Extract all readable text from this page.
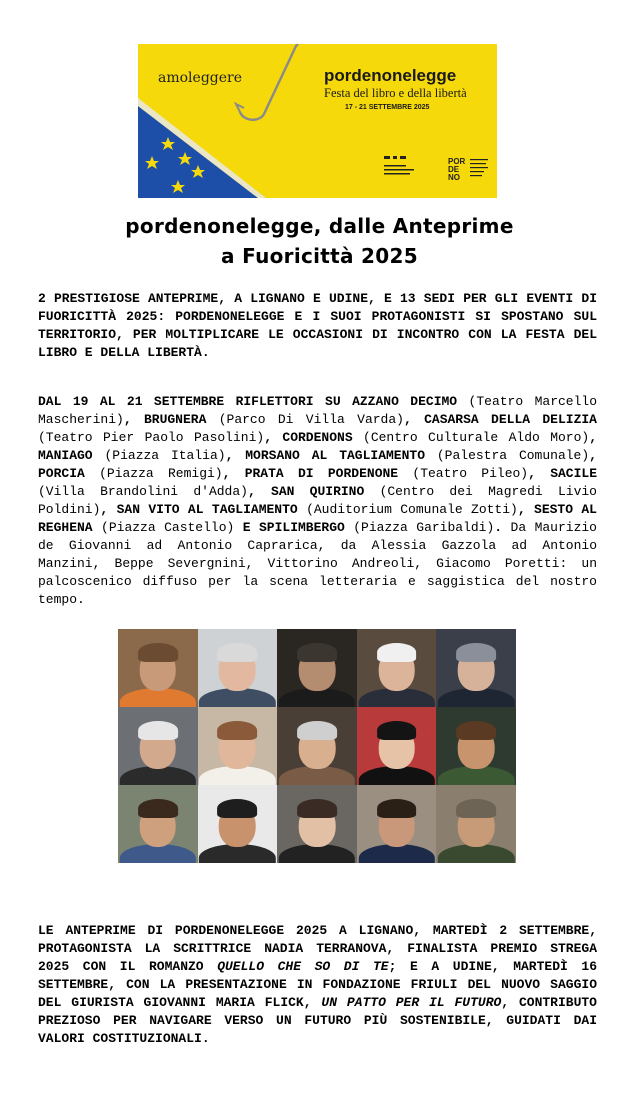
amoleggere	pordenonelegge
Festa del libro e della libertà
17 - 21 SETTEMBRE 2025
POR
DE
NO
pordenonelegge, dalle Anteprime
a Fuoricittà 2025

2 PRESTIGIOSE ANTEPRIME, A LIGNANO E UDINE, E 13 SEDI PER GLI EVENTI DI FUORICITTÀ 2025: PORDENONELEGGE E I SUOI PROTAGONISTI SI SPOSTANO SUL TERRITORIO, PER MOLTIPLICARE LE OCCASIONI DI INCONTRO CON LA FESTA DEL LIBRO E DELLA LIBERTÀ.

DAL 19 AL 21 SETTEMBRE RIFLETTORI SU AZZANO DECIMO (Teatro Marcello Mascherini), BRUGNERA (Parco Di Villa Varda), CASARSA DELLA DELIZIA (Teatro Pier Paolo Pasolini), CORDENONS (Centro Culturale Aldo Moro), MANIAGO (Piazza Italia), MORSANO AL TAGLIAMENTO (Palestra Comunale), PORCIA (Piazza Remigi), PRATA DI PORDENONE (Teatro Pileo), SACILE (Villa Brandolini d'Adda), SAN QUIRINO (Centro dei Magredi Livio Poldini), SAN VITO AL TAGLIAMENTO (Auditorium Comunale Zotti), SESTO AL REGHENA (Piazza Castello) E SPILIMBERGO (Piazza Garibaldi). Da Maurizio de Giovanni ad Antonio Caprarica, da Alessia Gazzola ad Antonio Manzini, Beppe Severgnini, Vittorino Andreoli, Giacomo Poretti: un palcoscenico diffuso per la scena letteraria e saggistica del nostro tempo.

LE ANTEPRIME DI PORDENONELEGGE 2025 A LIGNANO, MARTEDÌ 2 SETTEMBRE, PROTAGONISTA LA SCRITTRICE NADIA TERRANOVA, FINALISTA PREMIO STREGA 2025 CON IL ROMANZO QUELLO CHE SO DI TE; E A UDINE, MARTEDÌ 16 SETTEMBRE, CON LA PRESENTAZIONE IN FONDAZIONE FRIULI DEL NUOVO SAGGIO DEL GIURISTA GIOVANNI MARIA FLICK, UN PATTO PER IL FUTURO, CONTRIBUTO PREZIOSO PER NAVIGARE VERSO UN FUTURO PIÙ SOSTENIBILE, GUIDATI DAI VALORI COSTITUZIONALI.
